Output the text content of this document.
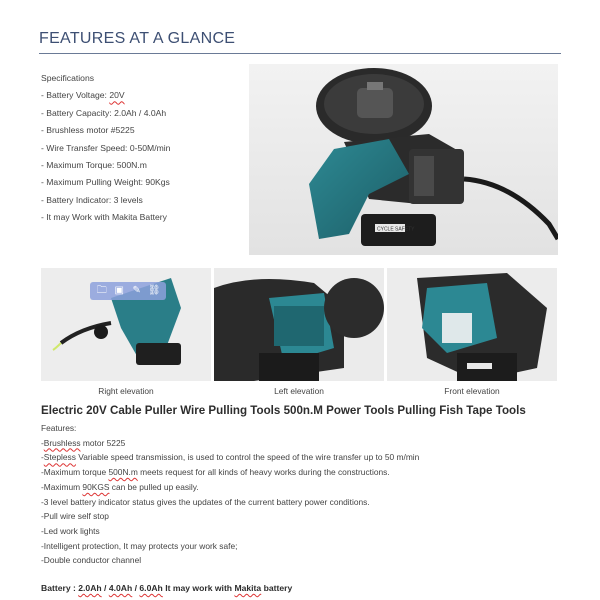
FEATURES AT A GLANCE
Specifications
- Battery Voltage: 20V
- Battery Capacity: 2.0Ah / 4.0Ah
- Brushless motor #5225
- Wire Transfer Speed: 0-50M/min
- Maximum Torque: 500N.m
- Maximum Pulling Weight: 90Kgs
- Battery Indicator: 3 levels
- It may Work with Makita Battery
CYCLE SAFETY
🗀 ▣ ✎ ⛓
Right elevation	Left elevation	Front elevation
Electric 20V Cable Puller Wire Pulling Tools 500n.M Power Tools Pulling Fish Tape Tools
Features:
-Brushless motor 5225
-Stepless Variable speed transmission, is used to control the speed of the wire transfer up to 50 m/min
-Maximum torque 500N.m meets request for all kinds of heavy works during the constructions.
-Maximum 90KGS can be pulled up easily.
-3 level battery indicator status gives the updates of the current battery power conditions.
-Pull wire self stop
-Led work lights
-Intelligent protection, It may protects your work safe;
-Double conductor channel
Battery : 2.0Ah / 4.0Ah / 6.0Ah It may work with Makita battery
